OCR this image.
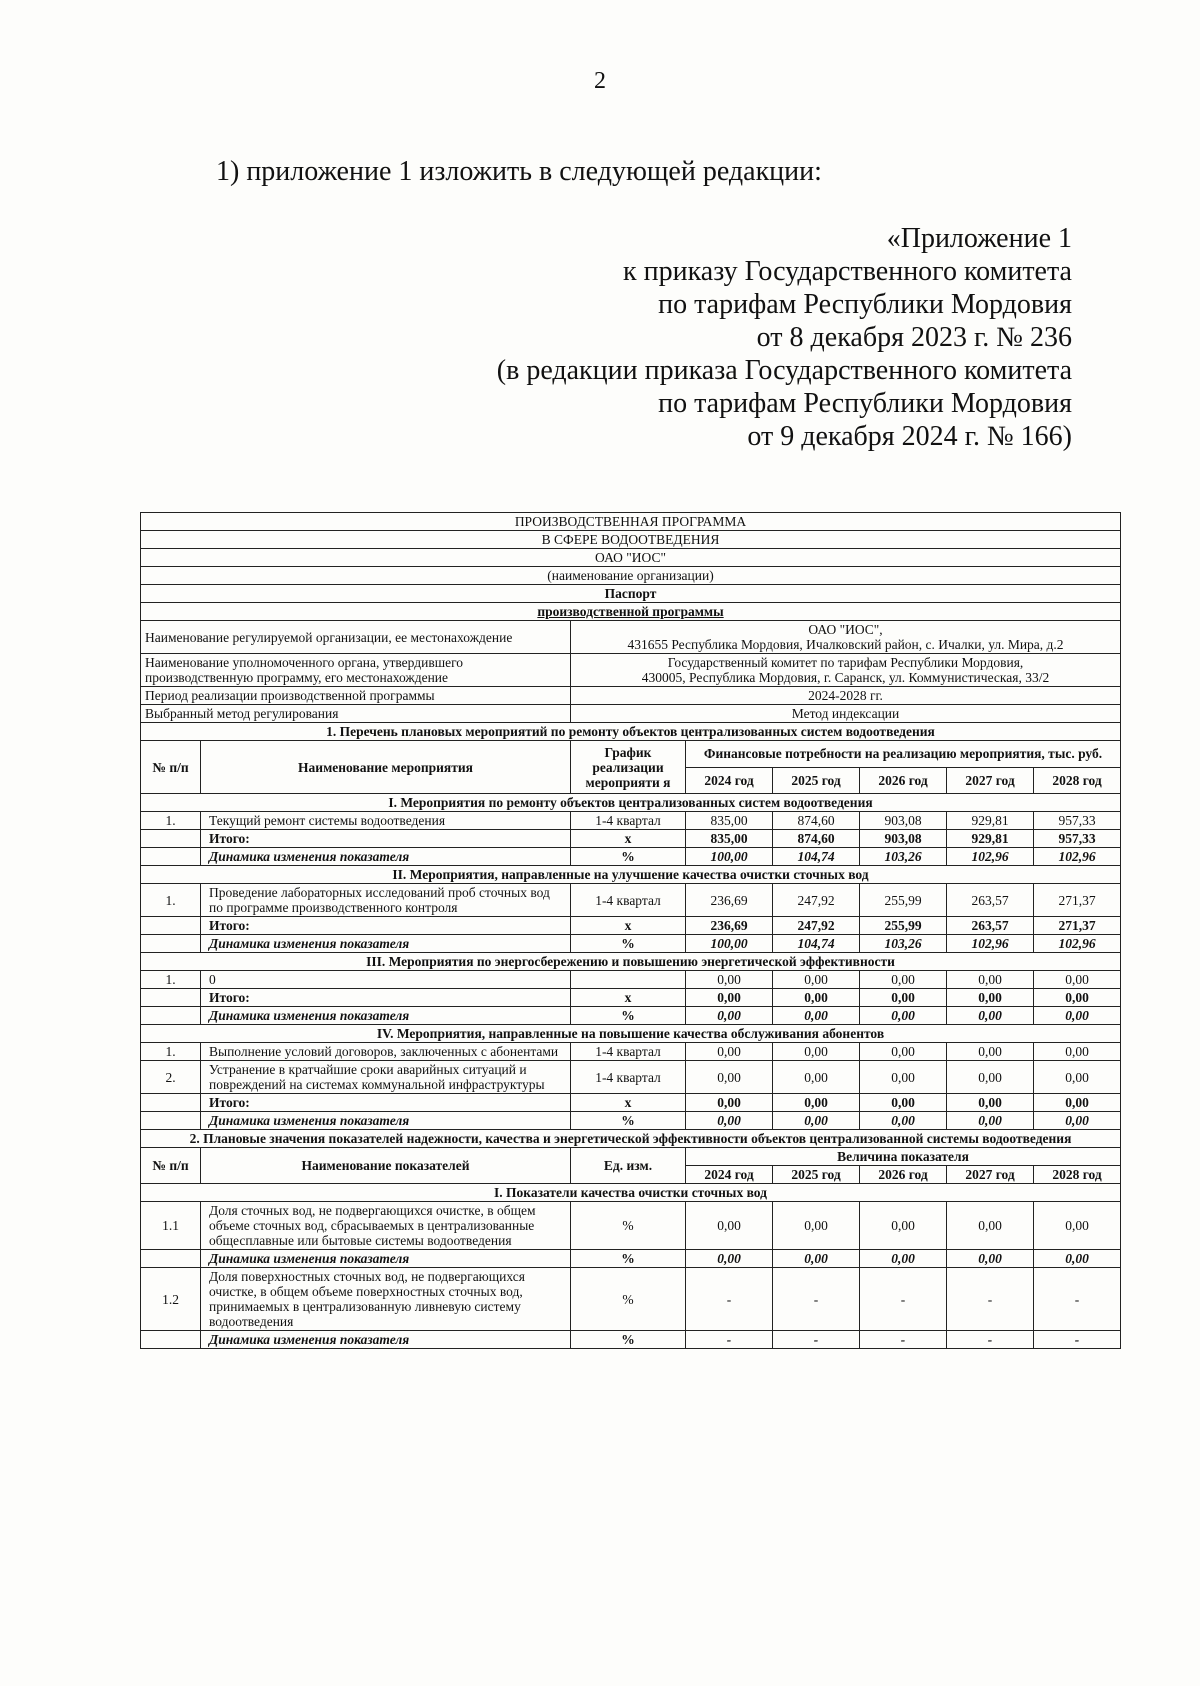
2
1) приложение 1 изложить в следующей редакции:
«Приложение 1
к приказу Государственного комитета
по тарифам Республики Мордовия
от 8 декабря 2023 г. № 236
(в редакции приказа Государственного комитета
по тарифам Республики Мордовия
от 9 декабря 2024 г. № 166)
ПРОИЗВОДСТВЕННАЯ ПРОГРАММА							
В СФЕРЕ ВОДООТВЕДЕНИЯ							
ОАО "ИОС"							
(наименование организации)							
Паспорт							
производственной программы							
Наименование регулируемой организации, ее местонахождение		ОАО "ИОС",
431655 Республика Мордовия, Ичалковский район, с. Ичалки, ул. Мира, д.2					
Наименование уполномоченного органа, утвердившего производственную программу, его местонахождение		Государственный комитет по тарифам Республики Мордовия,
430005, Республика Мордовия, г. Саранск, ул. Коммунистическая, 33/2					
Период реализации производственной программы		2024-2028 гг.					
Выбранный метод регулирования		Метод индексации					
1. Перечень плановых мероприятий по ремонту объектов централизованных систем водоотведения							
№ п/п	Наименование мероприятия	График реализации мероприяти я	Финансовые потребности на реализацию мероприятия, тыс. руб.				
			2024 год	2025 год	2026 год	2027 год	2028 год
I. Мероприятия по ремонту объектов централизованных систем водоотведения							
1.	Текущий ремонт системы водоотведения	1-4 квартал	835,00	874,60	903,08	929,81	957,33
	Итого:	х	835,00	874,60	903,08	929,81	957,33
	Динамика изменения показателя	%	100,00	104,74	103,26	102,96	102,96
II. Мероприятия, направленные на улучшение качества очистки сточных вод							
1.	Проведение лабораторных исследований проб сточных вод по программе производственного контроля	1-4 квартал	236,69	247,92	255,99	263,57	271,37
	Итого:	х	236,69	247,92	255,99	263,57	271,37
	Динамика изменения показателя	%	100,00	104,74	103,26	102,96	102,96
III. Мероприятия по энергосбережению и повышению энергетической эффективности							
1.	0		0,00	0,00	0,00	0,00	0,00
	Итого:	х	0,00	0,00	0,00	0,00	0,00
	Динамика изменения показателя	%	0,00	0,00	0,00	0,00	0,00
IV. Мероприятия, направленные на повышение качества обслуживания абонентов							
1.	Выполнение условий договоров, заключенных с абонентами	1-4 квартал	0,00	0,00	0,00	0,00	0,00
2.	Устранение в кратчайшие сроки аварийных ситуаций и повреждений на системах коммунальной инфраструктуры	1-4 квартал	0,00	0,00	0,00	0,00	0,00
	Итого:	х	0,00	0,00	0,00	0,00	0,00
	Динамика изменения показателя	%	0,00	0,00	0,00	0,00	0,00
2. Плановые значения показателей надежности, качества и энергетической эффективности объектов централизованной системы водоотведения							
№ п/п	Наименование показателей	Ед. изм.	Величина показателя				
			2024 год	2025 год	2026 год	2027 год	2028 год
I. Показатели качества очистки сточных вод							
1.1	Доля сточных вод, не подвергающихся очистке, в общем объеме сточных вод, сбрасываемых в централизованные общесплавные или бытовые системы водоотведения	%	0,00	0,00	0,00	0,00	0,00
	Динамика изменения показателя	%	0,00	0,00	0,00	0,00	0,00
1.2	Доля поверхностных сточных вод, не подвергающихся очистке, в общем объеме поверхностных сточных вод, принимаемых в централизованную ливневую систему водоотведения	%	-	-	-	-	-
	Динамика изменения показателя	%	-	-	-	-	-
